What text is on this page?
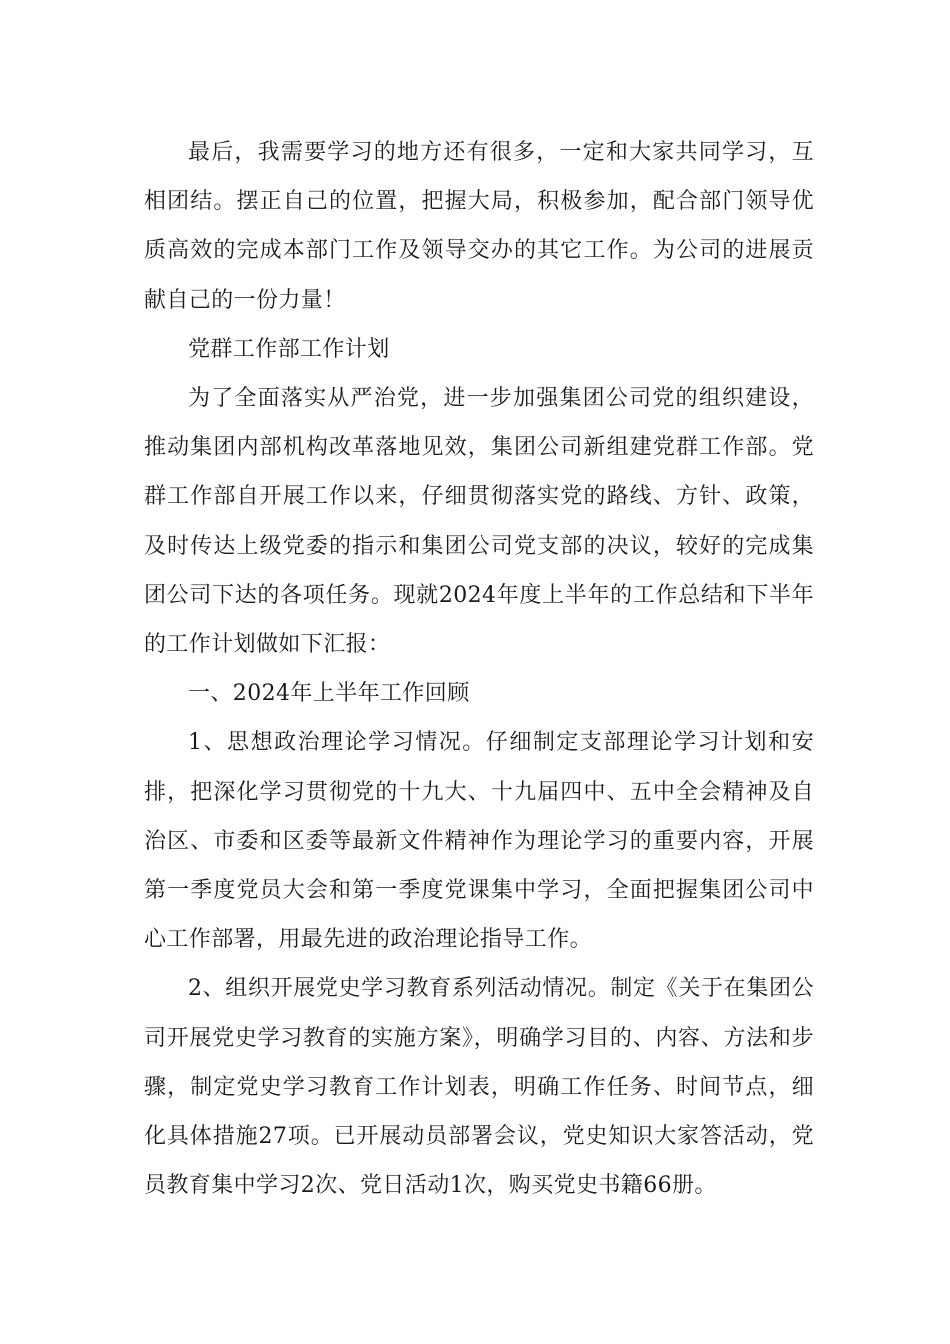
最后，我需要学习的地方还有很多，一定和大家共同学习，互相团结。摆正自己的位置，把握大局，积极参加，配合部门领导优质高效的完成本部门工作及领导交办的其它工作。为公司的进展贡献自己的一份力量！

党群工作部工作计划

为了全面落实从严治党，进一步加强集团公司党的组织建设，推动集团内部机构改革落地见效，集团公司新组建党群工作部。党群工作部自开展工作以来，仔细贯彻落实党的路线、方针、政策，及时传达上级党委的指示和集团公司党支部的决议，较好的完成集团公司下达的各项任务。现就2024年度上半年的工作总结和下半年的工作计划做如下汇报：

一、2024年上半年工作回顾

1、思想政治理论学习情况。仔细制定支部理论学习计划和安排，把深化学习贯彻党的十九大、十九届四中、五中全会精神及自治区、市委和区委等最新文件精神作为理论学习的重要内容，开展第一季度党员大会和第一季度党课集中学习，全面把握集团公司中心工作部署，用最先进的政治理论指导工作。

2、组织开展党史学习教育系列活动情况。制定《关于在集团公司开展党史学习教育的实施方案》，明确学习目的、内容、方法和步骤，制定党史学习教育工作计划表，明确工作任务、时间节点，细化具体措施27项。已开展动员部署会议，党史知识大家答活动，党员教育集中学习2次、党日活动1次，购买党史书籍66册。
